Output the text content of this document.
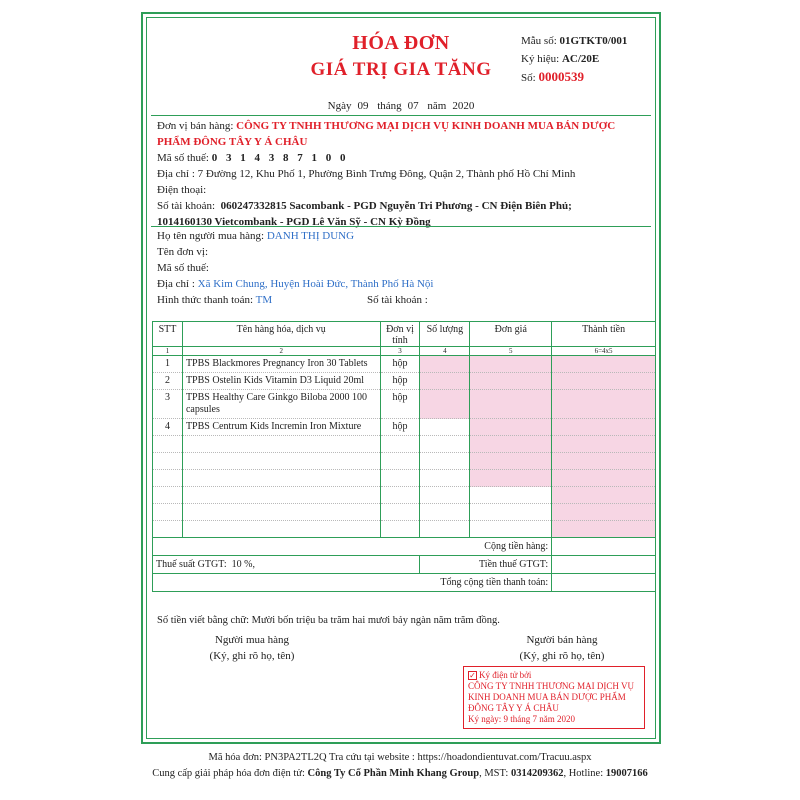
HÓA ĐƠN
GIÁ TRỊ GIA TĂNG
Mẫu số: 01GTKT0/001
Ký hiệu: AC/20E
Số: 0000539
Ngày 09 tháng 07 năm 2020
Đơn vị bán hàng: CÔNG TY TNHH THƯƠNG MẠI DỊCH VỤ KINH DOANH MUA BÁN DƯỢC PHẨM ĐÔNG TÂY Y Á CHÂU
Mã số thuế: 0 3 1 4 3 8 7 1 0 0
Địa chỉ : 7 Đường 12, Khu Phố 1, Phường Bình Trưng Đông, Quận 2, Thành phố Hồ Chí Minh
Điện thoại:
Số tài khoản: 060247332815 Sacombank - PGD Nguyễn Tri Phương - CN Điện Biên Phủ;
1014160130 Vietcombank - PGD Lê Văn Sỹ - CN Kỳ Đồng
Họ tên người mua hàng: DANH THỊ DUNG
Tên đơn vị:
Mã số thuế:
Địa chỉ : Xã Kim Chung, Huyện Hoài Đức, Thành Phố Hà Nội
Hình thức thanh toán: TM	Số tài khoản :
STT	Tên hàng hóa, dịch vụ	Đơn vị tính	Số lượng	Đơn giá	Thành tiền
1	2	3	4	5	6=4x5
1	TPBS Blackmores Pregnancy Iron 30 Tablets	hộp			
2	TPBS Ostelin Kids Vitamin D3 Liquid 20ml	hộp			
3	TPBS Healthy Care Ginkgo Biloba 2000 100 capsules	hộp			
4	TPBS Centrum Kids Incremin Iron Mixture	hộp			

Cộng tiền hàng:					
Thuế suất GTGT: 10 %,			Tiền thuế GTGT:		
Tổng cộng tiền thanh toán:					
Số tiền viết bằng chữ: Mười bốn triệu ba trăm hai mươi bảy ngàn năm trăm đồng.
Người mua hàng
(Ký, ghi rõ họ, tên)
Người bán hàng
(Ký, ghi rõ họ, tên)
✓ Ký điện tử bởi
CÔNG TY TNHH THƯƠNG MẠI DỊCH VỤ KINH DOANH MUA BÁN DƯỢC PHẨM ĐÔNG TÂY Y Á CHÂU
Ký ngày: 9 tháng 7 năm 2020
Mã hóa đơn: PN3PA2TL2Q Tra cứu tại website : https://hoadondientuvat.com/Tracuu.aspx
Cung cấp giải pháp hóa đơn điện tử: Công Ty Cổ Phần Minh Khang Group, MST: 0314209362, Hotline: 19007166
